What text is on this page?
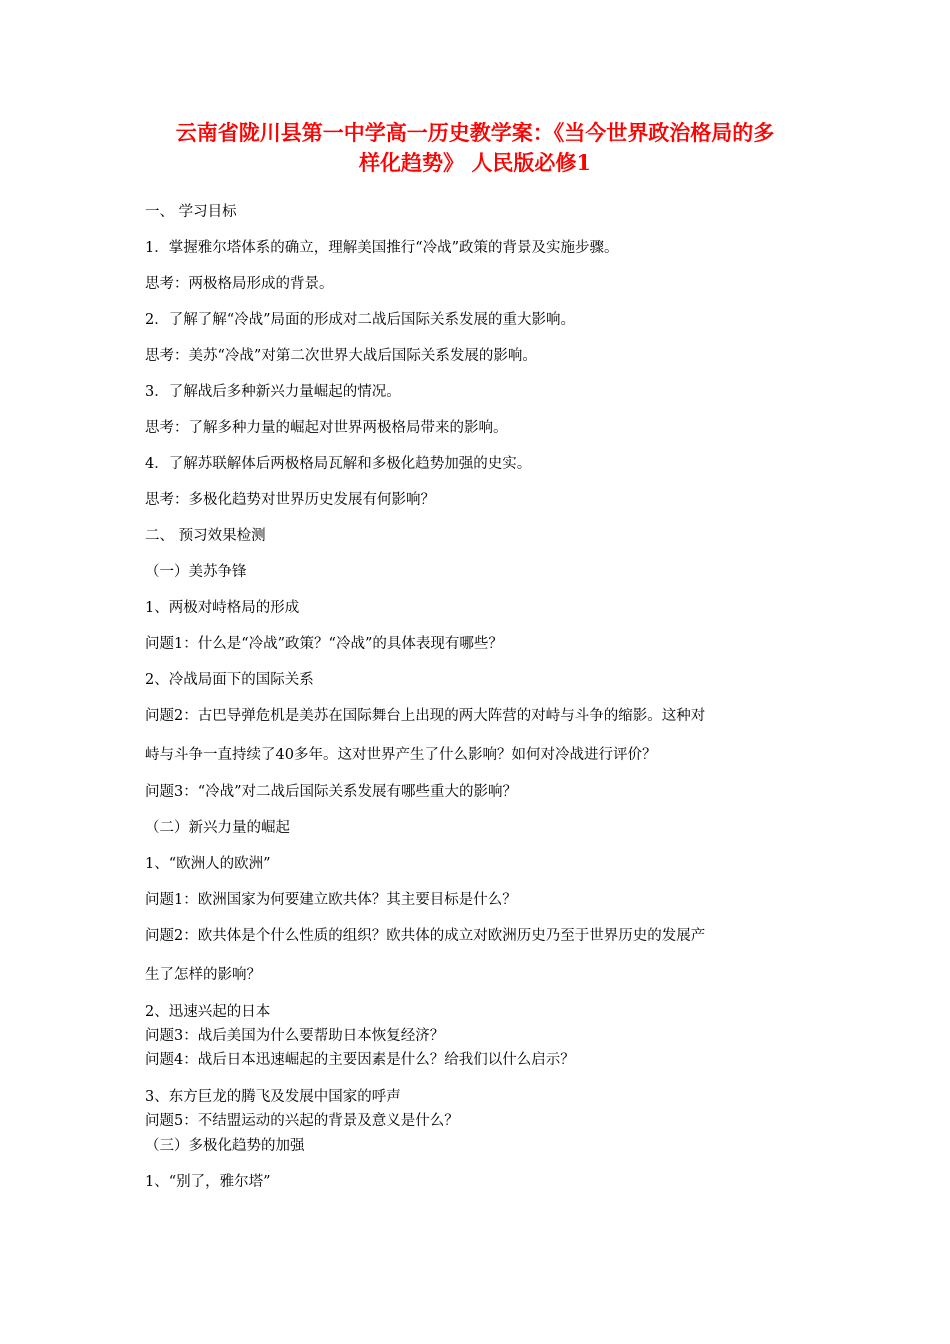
云南省陇川县第一中学高一历史教学案：《当今世界政治格局的多
样化趋势》 人民版必修1

一、 学习目标

1．掌握雅尔塔体系的确立，理解美国推行“冷战”政策的背景及实施步骤。

思考：两极格局形成的背景。

2．了解了解“冷战”局面的形成对二战后国际关系发展的重大影响。

思考：美苏“冷战”对第二次世界大战后国际关系发展的影响。

3．了解战后多种新兴力量崛起的情况。

思考：了解多种力量的崛起对世界两极格局带来的影响。

4．了解苏联解体后两极格局瓦解和多极化趋势加强的史实。

思考：多极化趋势对世界历史发展有何影响？

二、 预习效果检测

（一）美苏争锋

1、两极对峙格局的形成

问题1：什么是“冷战”政策？“冷战”的具体表现有哪些？

2、冷战局面下的国际关系

问题2：古巴导弹危机是美苏在国际舞台上出现的两大阵营的对峙与斗争的缩影。这种对

峙与斗争一直持续了40多年。这对世界产生了什么影响？如何对冷战进行评价？

问题3：“冷战”对二战后国际关系发展有哪些重大的影响？

（二）新兴力量的崛起

1、“欧洲人的欧洲”

问题1：欧洲国家为何要建立欧共体？其主要目标是什么？

问题2：欧共体是个什么性质的组织？欧共体的成立对欧洲历史乃至于世界历史的发展产

生了怎样的影响？

2、迅速兴起的日本

问题3：战后美国为什么要帮助日本恢复经济？

问题4：战后日本迅速崛起的主要因素是什么？给我们以什么启示？

3、东方巨龙的腾飞及发展中国家的呼声

问题5：不结盟运动的兴起的背景及意义是什么？

（三）多极化趋势的加强

1、“别了，雅尔塔”
